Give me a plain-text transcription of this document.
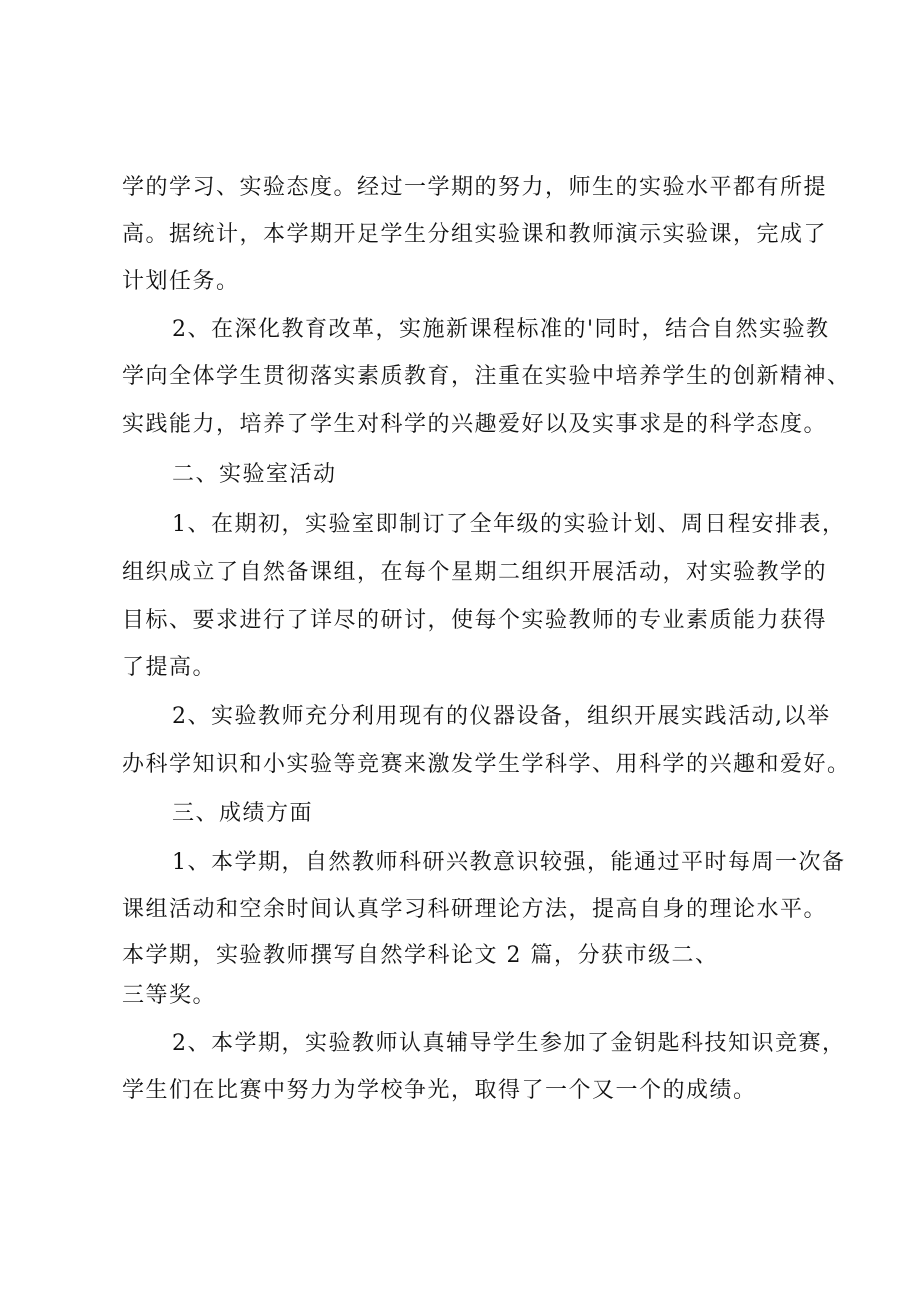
学的学习、实验态度。经过一学期的努力，师生的实验水平都有所提
高。据统计，本学期开足学生分组实验课和教师演示实验课，完成了
计划任务。
2、在深化教育改革，实施新课程标准的'同时，结合自然实验教
学向全体学生贯彻落实素质教育，注重在实验中培养学生的创新精神、
实践能力，培养了学生对科学的兴趣爱好以及实事求是的科学态度。
二、实验室活动
1、在期初，实验室即制订了全年级的实验计划、周日程安排表，
组织成立了自然备课组，在每个星期二组织开展活动，对实验教学的
目标、要求进行了详尽的研讨，使每个实验教师的专业素质能力获得
了提高。
2、实验教师充分利用现有的仪器设备，组织开展实践活动,以举
办科学知识和小实验等竞赛来激发学生学科学、用科学的兴趣和爱好。
三、成绩方面
1、本学期，自然教师科研兴教意识较强，能通过平时每周一次备
课组活动和空余时间认真学习科研理论方法，提高自身的理论水平。
本学期，实验教师撰写自然学科论文 2 篇，分获市级二、
三等奖。
2、本学期，实验教师认真辅导学生参加了金钥匙科技知识竞赛，
学生们在比赛中努力为学校争光，取得了一个又一个的成绩。
